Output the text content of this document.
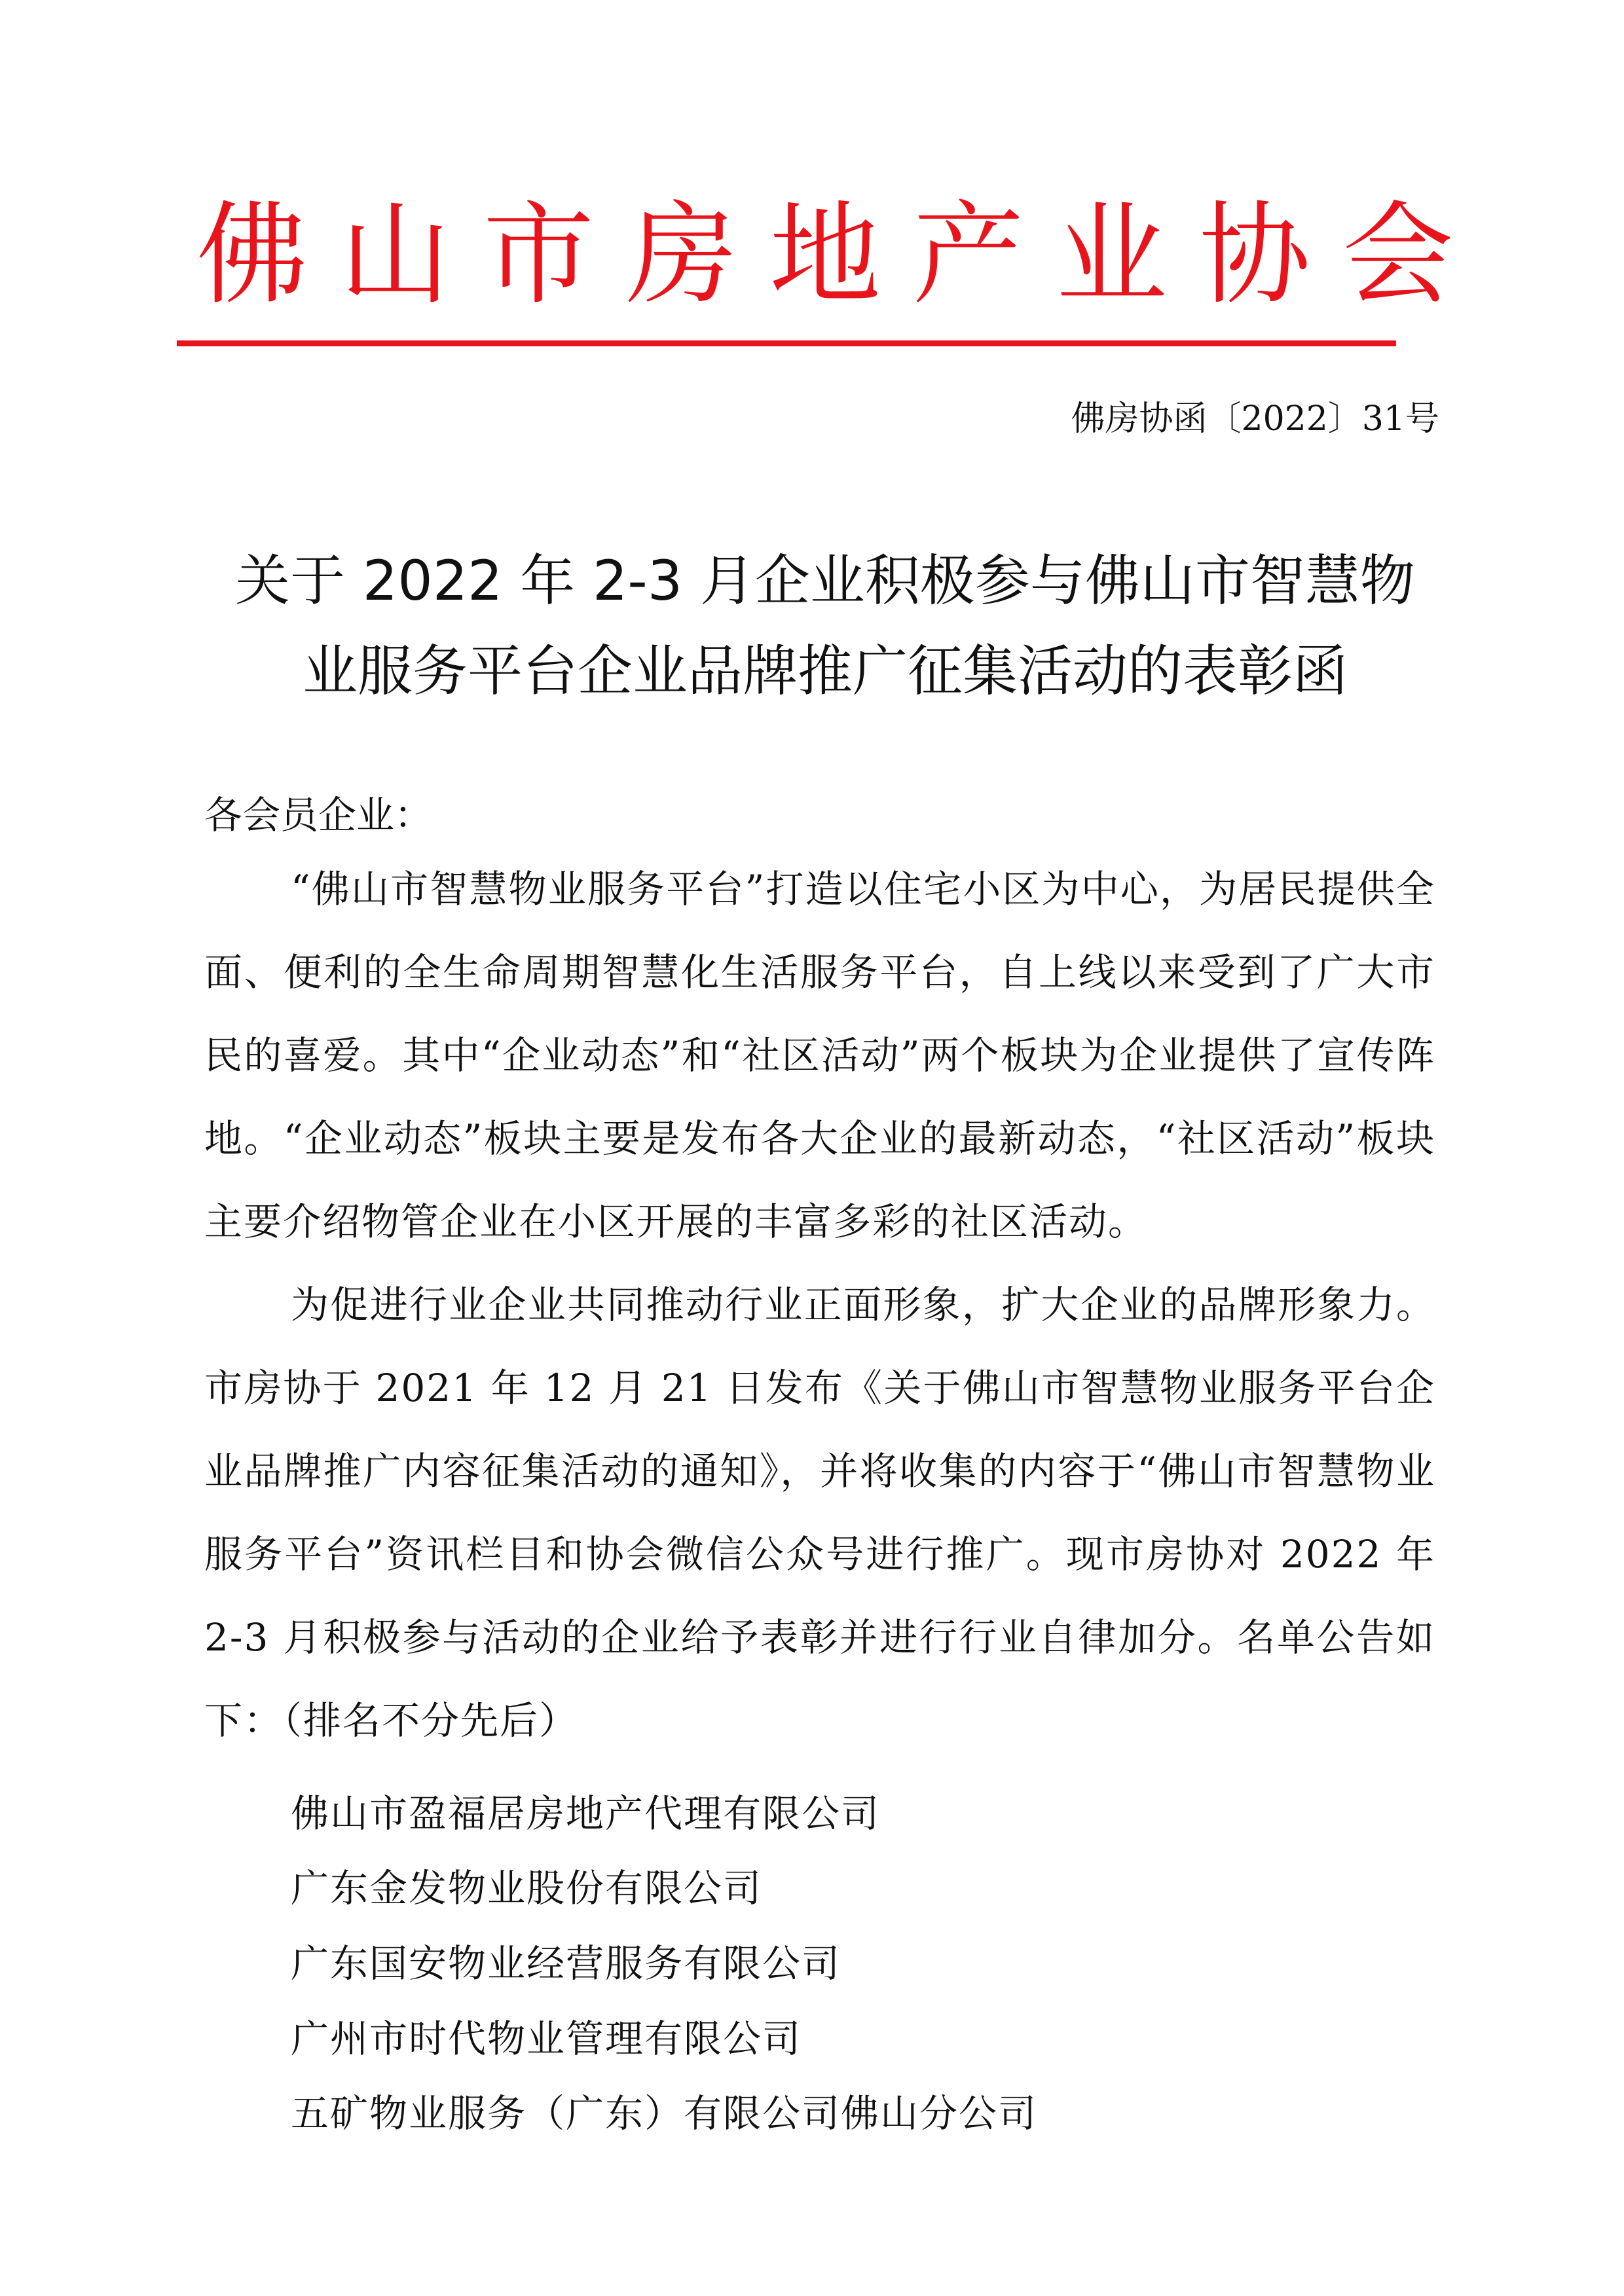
佛 山 市 房 地 产 业 协 会
佛房协函〔2022〕31号
关于 2022 年 2-3 月企业积极参与佛山市智慧物
业服务平台企业品牌推广征集活动的表彰函

各会员企业：

“佛山市智慧物业服务平台”打造以住宅小区为中心，为居民提供全面、便利的全生命周期智慧化生活服务平台，自上线以来受到了广大市民的喜爱。其中“企业动态”和“社区活动”两个板块为企业提供了宣传阵地。“企业动态”板块主要是发布各大企业的最新动态，“社区活动”板块主要介绍物管企业在小区开展的丰富多彩的社区活动。

为促进行业企业共同推动行业正面形象，扩大企业的品牌形象力。市房协于 2021 年 12 月 21 日发布《关于佛山市智慧物业服务平台企业品牌推广内容征集活动的通知》，并将收集的内容于“佛山市智慧物业服务平台”资讯栏目和协会微信公众号进行推广。现市房协对 2022 年 2-3 月积极参与活动的企业给予表彰并进行行业自律加分。名单公告如下：（排名不分先后）

佛山市盈福居房地产代理有限公司

广东金发物业股份有限公司

广东国安物业经营服务有限公司

广州市时代物业管理有限公司

五矿物业服务（广东）有限公司佛山分公司
